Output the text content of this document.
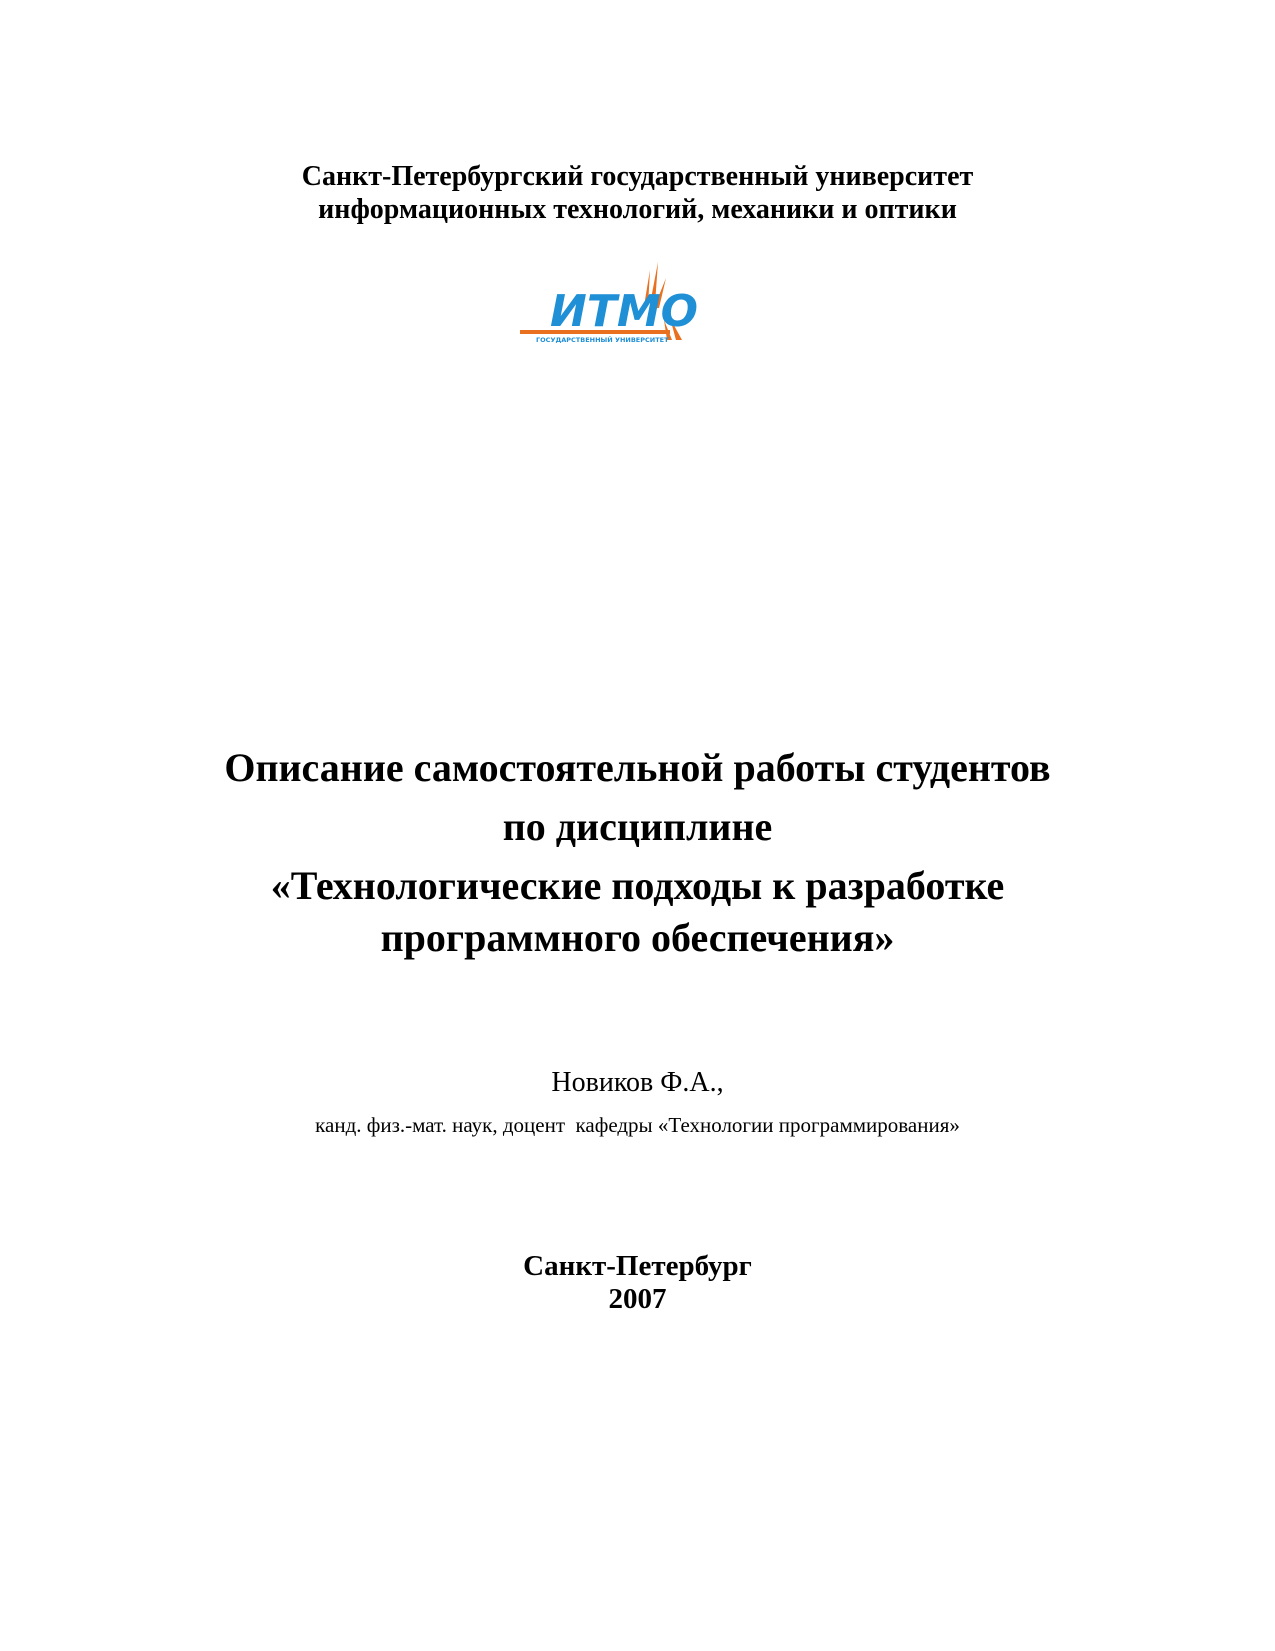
Санкт-Петербургский государственный университет
информационных технологий, механики и оптики
ИТМО
ГОСУДАРСТВЕННЫЙ УНИВЕРСИТЕТ
Описание самостоятельной работы студентов
по дисциплине
«Технологические подходы к разработке
программного обеспечения»
Новиков Ф.А.,
канд. физ.-мат. наук, доцент  кафедры «Технологии программирования»
Санкт-Петербург
2007
